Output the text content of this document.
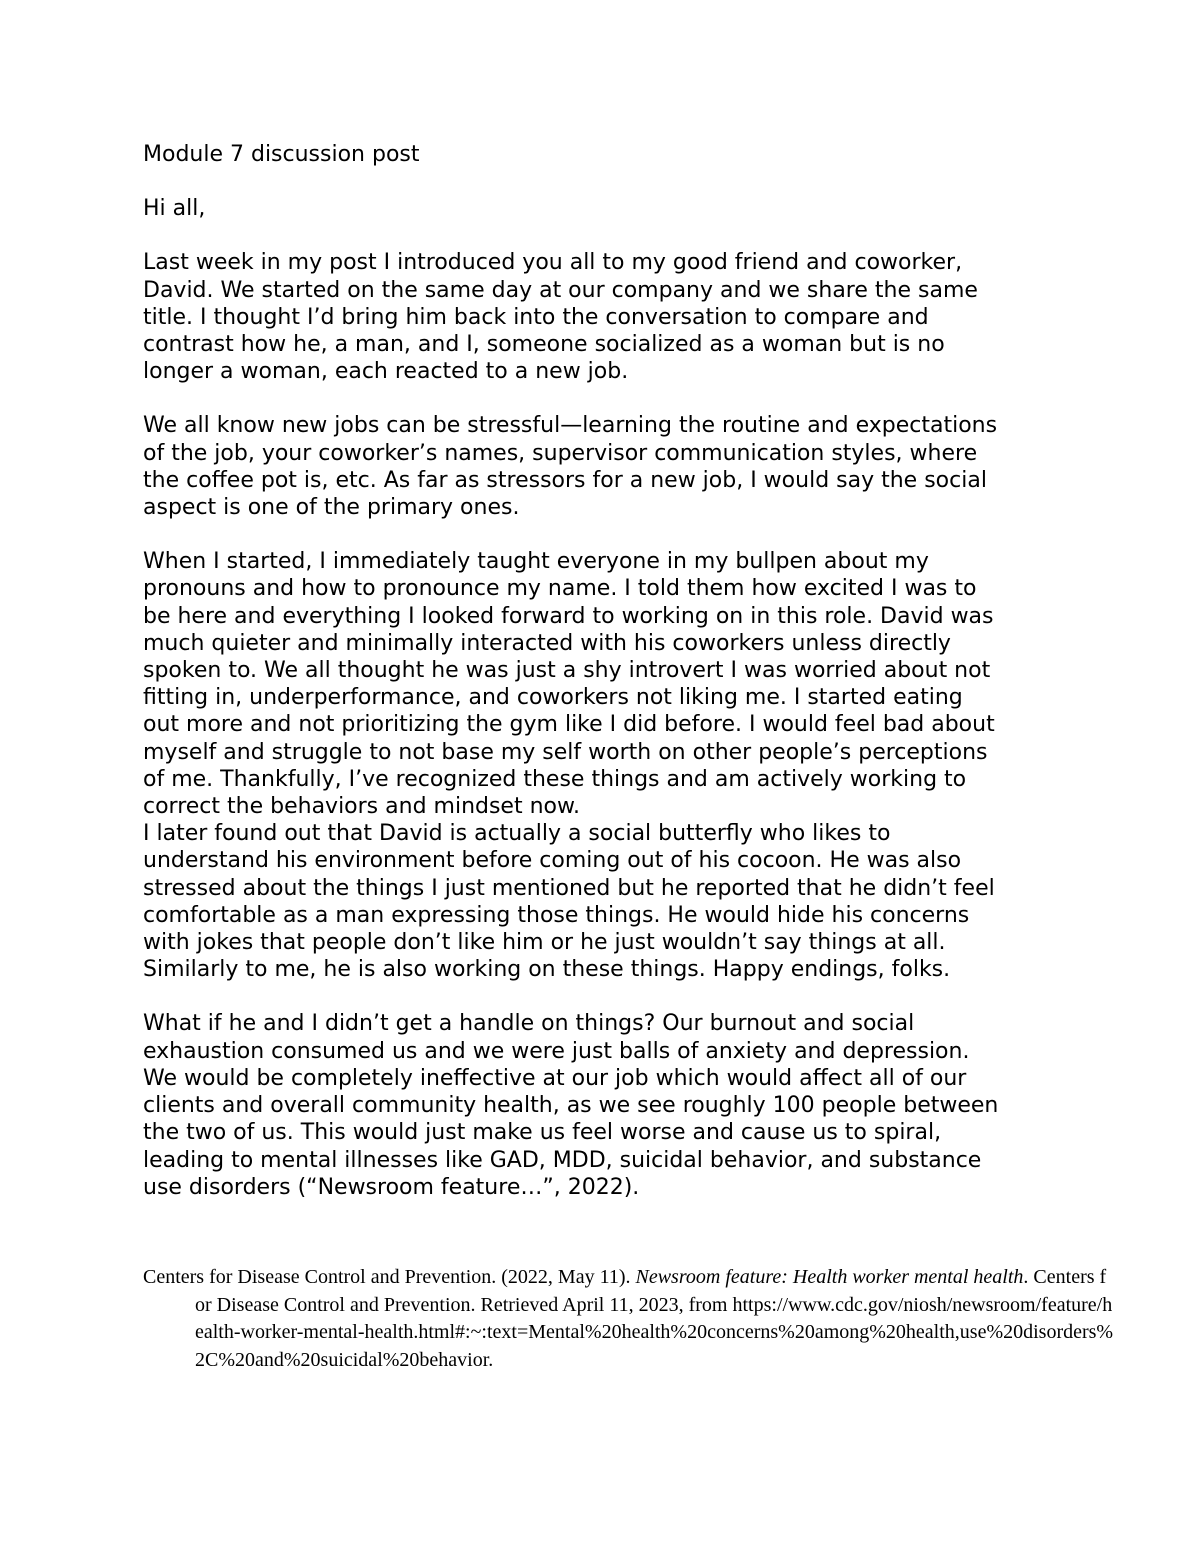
Module 7 discussion post

Hi all,

Last week in my post I introduced you all to my good friend and coworker,
David. We started on the same day at our company and we share the same
title. I thought I’d bring him back into the conversation to compare and
contrast how he, a man, and I, someone socialized as a woman but is no
longer a woman, each reacted to a new job.

We all know new jobs can be stressful—learning the routine and expectations
of the job, your coworker’s names, supervisor communication styles, where
the coffee pot is, etc. As far as stressors for a new job, I would say the social
aspect is one of the primary ones.

When I started, I immediately taught everyone in my bullpen about my
pronouns and how to pronounce my name. I told them how excited I was to
be here and everything I looked forward to working on in this role. David was
much quieter and minimally interacted with his coworkers unless directly
spoken to. We all thought he was just a shy introvert I was worried about not
fitting in, underperformance, and coworkers not liking me. I started eating
out more and not prioritizing the gym like I did before. I would feel bad about
myself and struggle to not base my self worth on other people’s perceptions
of me. Thankfully, I’ve recognized these things and am actively working to
correct the behaviors and mindset now.

I later found out that David is actually a social butterfly who likes to
understand his environment before coming out of his cocoon. He was also
stressed about the things I just mentioned but he reported that he didn’t feel
comfortable as a man expressing those things. He would hide his concerns
with jokes that people don’t like him or he just wouldn’t say things at all.
Similarly to me, he is also working on these things. Happy endings, folks.

What if he and I didn’t get a handle on things? Our burnout and social
exhaustion consumed us and we were just balls of anxiety and depression.
We would be completely ineffective at our job which would affect all of our
clients and overall community health, as we see roughly 100 people between
the two of us. This would just make us feel worse and cause us to spiral,
leading to mental illnesses like GAD, MDD, suicidal behavior, and substance
use disorders (“Newsroom feature…”, 2022).

Centers for Disease Control and Prevention. (2022, May 11). Newsroom feature: Health worker mental health. Centers for Disease Control and Prevention. Retrieved April 11, 2023, from https://www.cdc.gov/niosh/newsroom/feature/health-worker-mental-health.html#:~:text=Mental%20health%20concerns%20among%20health,use%20disorders%2C%20and%20suicidal%20behavior.
